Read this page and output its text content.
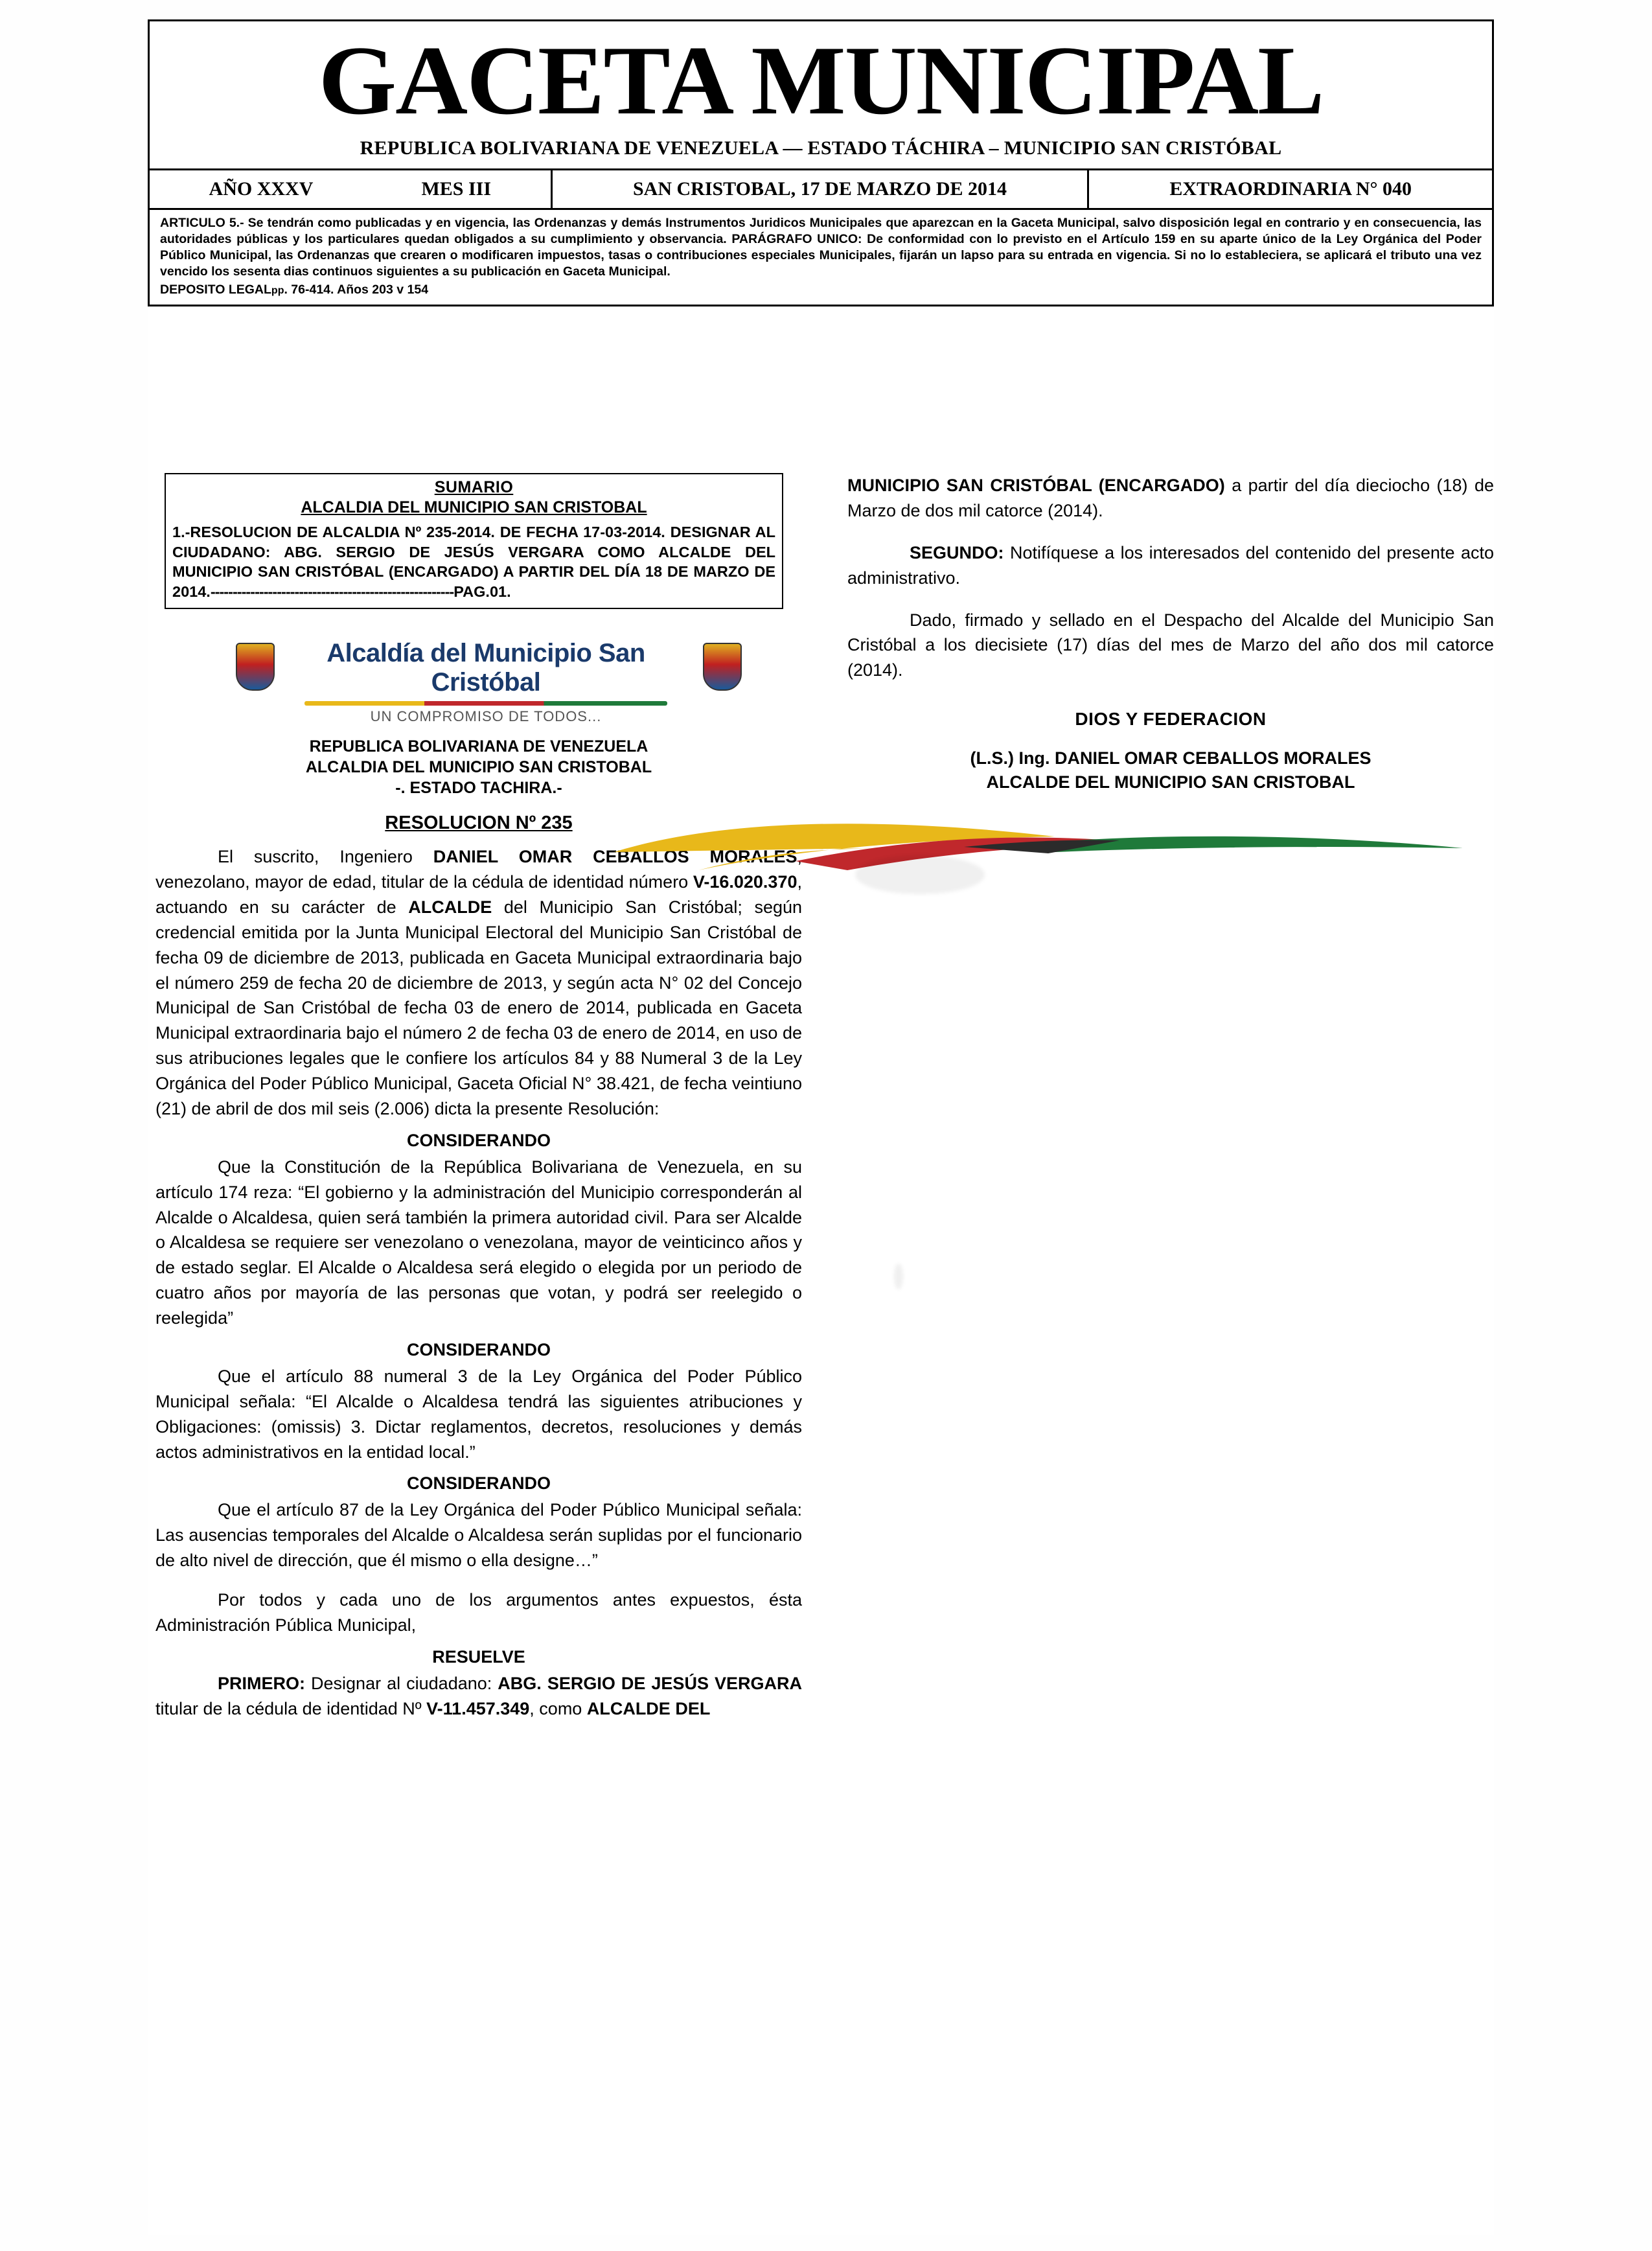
GACETA MUNICIPAL
REPUBLICA BOLIVARIANA DE VENEZUELA — ESTADO TÁCHIRA – MUNICIPIO SAN CRISTÓBAL
AÑO XXXV	MES III	SAN CRISTOBAL, 17 DE MARZO DE 2014	EXTRAORDINARIA N° 040
ARTICULO 5.- Se tendrán como publicadas y en vigencia, las Ordenanzas y demás Instrumentos Juridicos Municipales que aparezcan en la Gaceta Municipal, salvo disposición legal en contrario y en consecuencia, las autoridades públicas y los particulares quedan obligados a su cumplimiento y observancia. PARÁGRAFO UNICO: De conformidad con lo previsto en el Artículo 159 en su aparte único de la Ley Orgánica del Poder Público Municipal, las Ordenanzas que crearen o modificaren impuestos, tasas o contribuciones especiales Municipales, fijarán un lapso para su entrada en vigencia. Si no lo estableciera, se aplicará el tributo una vez vencido los sesenta dias continuos siguientes a su publicación en Gaceta Municipal.
DEPOSITO LEGALpp. 76-414. Años 203 v 154
SUMARIO
ALCALDIA DEL MUNICIPIO SAN CRISTOBAL

1.-RESOLUCION DE ALCALDIA Nº 235-2014. DE FECHA 17-03-2014. DESIGNAR AL CIUDADANO: ABG. SERGIO DE JESÚS VERGARA COMO ALCALDE DEL MUNICIPIO SAN CRISTÓBAL (ENCARGADO) A PARTIR DEL DÍA 18 DE MARZO DE 2014.-------------------------------------------------------PAG.01.

Alcaldía del Municipio San Cristóbal
UN COMPROMISO DE TODOS...
REPUBLICA BOLIVARIANA DE VENEZUELA
ALCALDIA DEL MUNICIPIO SAN CRISTOBAL
-. ESTADO TACHIRA.-
RESOLUCION Nº 235

El suscrito, Ingeniero DANIEL OMAR CEBALLOS MORALES, venezolano, mayor de edad, titular de la cédula de identidad número V-16.020.370, actuando en su carácter de ALCALDE del Municipio San Cristóbal; según credencial emitida por la Junta Municipal Electoral del Municipio San Cristóbal de fecha 09 de diciembre de 2013, publicada en Gaceta Municipal extraordinaria bajo el número 259 de fecha 20 de diciembre de 2013, y según acta N° 02 del Concejo Municipal de San Cristóbal de fecha 03 de enero de 2014, publicada en Gaceta Municipal extraordinaria bajo el número 2 de fecha 03 de enero de 2014, en uso de sus atribuciones legales que le confiere los artículos 84 y 88 Numeral 3 de la Ley Orgánica del Poder Público Municipal, Gaceta Oficial N° 38.421, de fecha veintiuno (21) de abril de dos mil seis (2.006) dicta la presente Resolución:

CONSIDERANDO

Que la Constitución de la República Bolivariana de Venezuela, en su artículo 174 reza: “El gobierno y la administración del Municipio corresponderán al Alcalde o Alcaldesa, quien será también la primera autoridad civil. Para ser Alcalde o Alcaldesa se requiere ser venezolano o venezolana, mayor de veinticinco años y de estado seglar. El Alcalde o Alcaldesa será elegido o elegida por un periodo de cuatro años por mayoría de las personas que votan, y podrá ser reelegido o reelegida”

CONSIDERANDO

Que el artículo 88 numeral 3 de la Ley Orgánica del Poder Público Municipal señala: “El Alcalde o Alcaldesa tendrá las siguientes atribuciones y Obligaciones: (omissis) 3. Dictar reglamentos, decretos, resoluciones y demás actos administrativos en la entidad local.”

CONSIDERANDO

Que el artículo 87 de la Ley Orgánica del Poder Público Municipal señala: Las ausencias temporales del Alcalde o Alcaldesa serán suplidas por el funcionario de alto nivel de dirección, que él mismo o ella designe…”

Por todos y cada uno de los argumentos antes expuestos, ésta Administración Pública Municipal,

RESUELVE

PRIMERO: Designar al ciudadano: ABG. SERGIO DE JESÚS VERGARA titular de la cédula de identidad Nº V-11.457.349, como ALCALDE DEL

MUNICIPIO SAN CRISTÓBAL (ENCARGADO) a partir del día dieciocho (18) de Marzo de dos mil catorce (2014).

SEGUNDO: Notifíquese a los interesados del contenido del presente acto administrativo.

Dado, firmado y sellado en el Despacho del Alcalde del Municipio San Cristóbal a los diecisiete (17) días del mes de Marzo del año dos mil catorce (2014).

DIOS Y FEDERACION
(L.S.) Ing. DANIEL OMAR CEBALLOS MORALES
ALCALDE DEL MUNICIPIO SAN CRISTOBAL
